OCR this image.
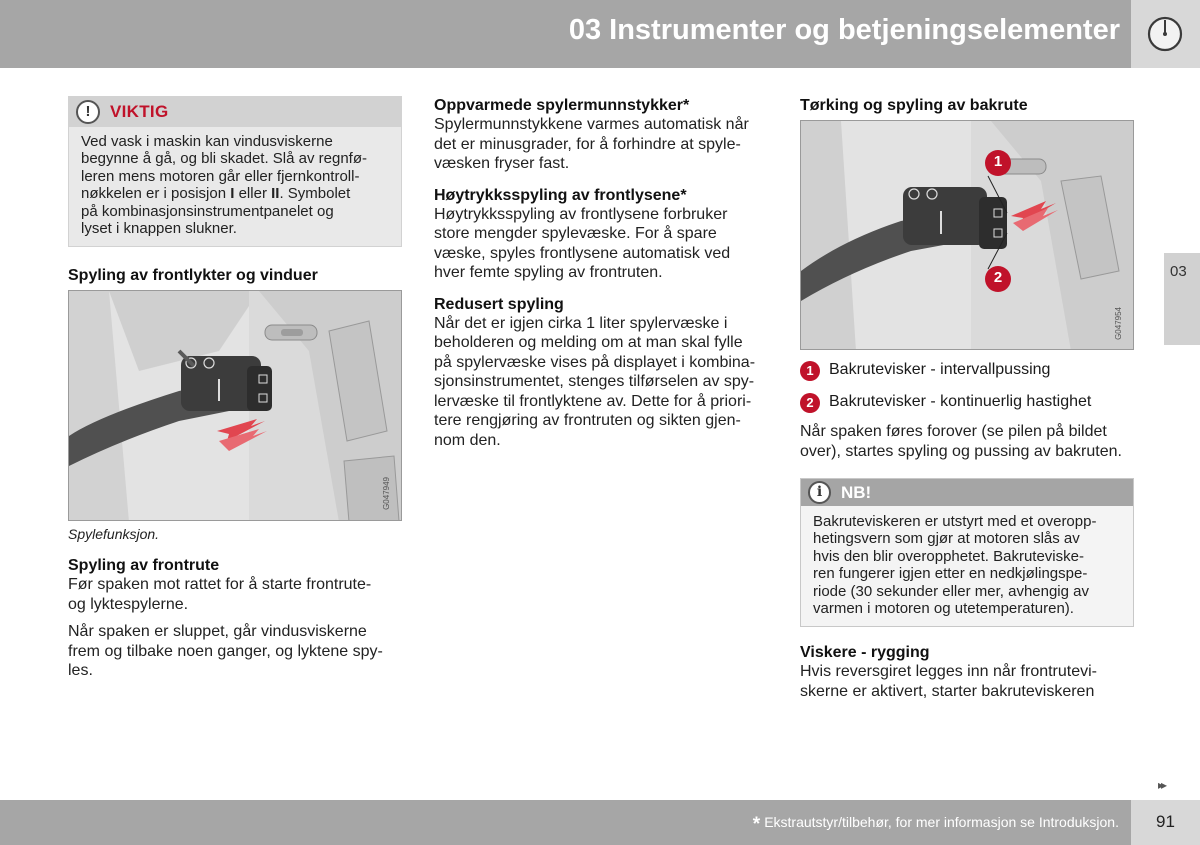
03 Instrumenter og betjeningselementer
03
!	VIKTIG
Ved vask i maskin kan vindusviskerne
begynne å gå, og bli skadet. Slå av regnfø-
leren mens motoren går eller fjernkontroll-
nøkkelen er i posisjon I eller II. Symbolet
på kombinasjonsinstrumentpanelet og
lyset i knappen slukner.
Spyling av frontlykter og vinduer
G047949
Spylefunksjon.
Spyling av frontrute

Før spaken mot rattet for å starte frontrute-
og lyktespylerne.

Når spaken er sluppet, går vindusviskerne
frem og tilbake noen ganger, og lyktene spy-
les.

Oppvarmede spylermunnstykker*

Spylermunnstykkene varmes automatisk når
det er minusgrader, for å forhindre at spyle-
væsken fryser fast.

Høytrykksspyling av frontlysene*

Høytrykksspyling av frontlysene forbruker
store mengder spylevæske. For å spare
væske, spyles frontlysene automatisk ved
hver femte spyling av frontruten.

Redusert spyling

Når det er igjen cirka 1 liter spylervæske i
beholderen og melding om at man skal fylle
på spylervæske vises på displayet i kombina-
sjonsinstrumentet, stenges tilførselen av spy-
lervæske til frontlyktene av. Dette for å priori-
tere rengjøring av frontruten og sikten gjen-
nom den.

Tørking og spyling av bakrute
1
2
G047954
1 Bakrutevisker - intervallpussing
2 Bakrutevisker - kontinuerlig hastighet

Når spaken føres forover (se pilen på bildet
over), startes spyling og pussing av bakruten.

i	NB!
Bakruteviskeren er utstyrt med et overopp-
hetingsvern som gjør at motoren slås av
hvis den blir overopphetet. Bakruteviske-
ren fungerer igjen etter en nedkjølingspe-
riode (30 sekunder eller mer, avhengig av
varmen i motoren og utetemperaturen).
Viskere - rygging

Hvis reversgiret legges inn når frontrutevi-
skerne er aktivert, starter bakruteviskeren

▸▸
* Ekstrautstyr/tilbehør, for mer informasjon se Introduksjon.	91
